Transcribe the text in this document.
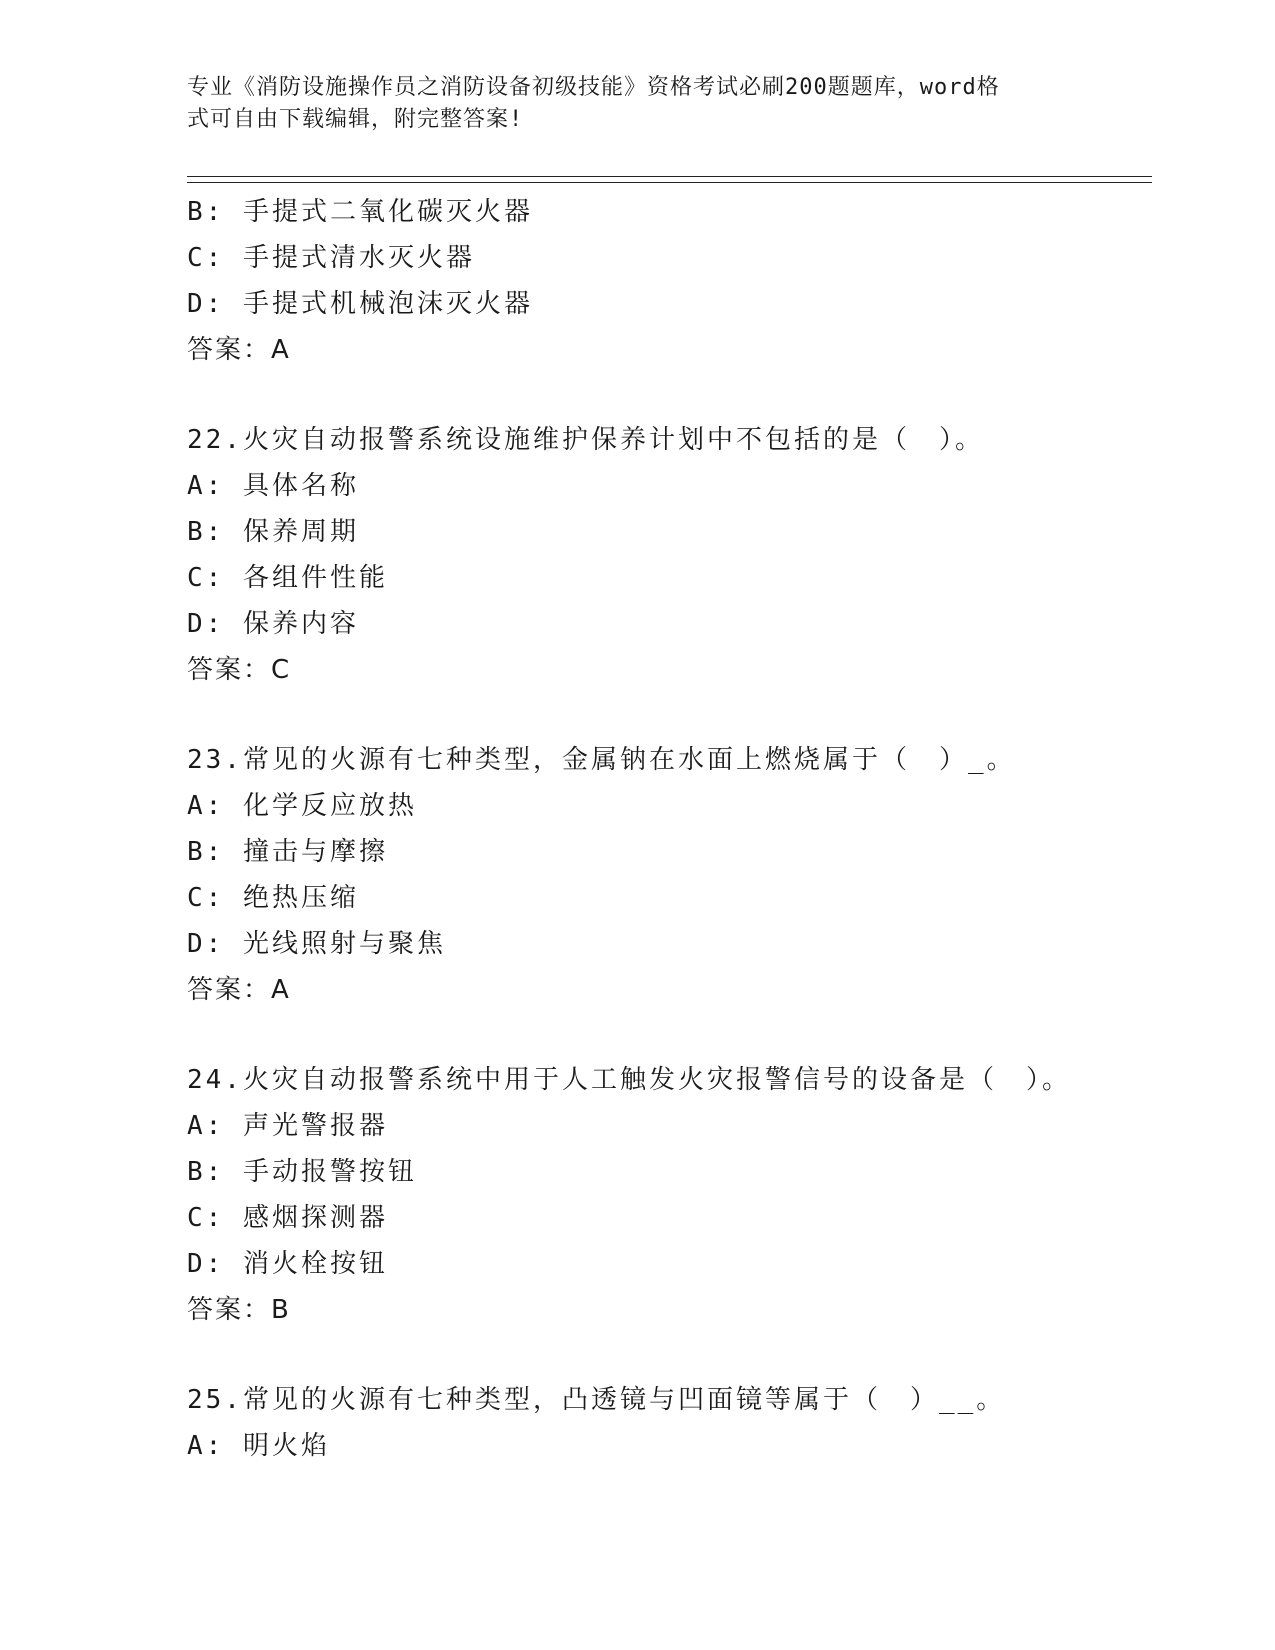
专业《消防设施操作员之消防设备初级技能》资格考试必刷200题题库，word格
式可自由下载编辑，附完整答案!
B: 手提式二氧化碳灭火器
C: 手提式清水灭火器
D: 手提式机械泡沫灭火器
答案：A
22.火灾自动报警系统设施维护保养计划中不包括的是（　）。
A: 具体名称
B: 保养周期
C: 各组件性能
D: 保养内容
答案：C
23.常见的火源有七种类型，金属钠在水面上燃烧属于（　）_。
A: 化学反应放热
B: 撞击与摩擦
C: 绝热压缩
D: 光线照射与聚焦
答案：A
24.火灾自动报警系统中用于人工触发火灾报警信号的设备是（　）。
A: 声光警报器
B: 手动报警按钮
C: 感烟探测器
D: 消火栓按钮
答案：B
25.常见的火源有七种类型，凸透镜与凹面镜等属于（　）__。
A: 明火焰
